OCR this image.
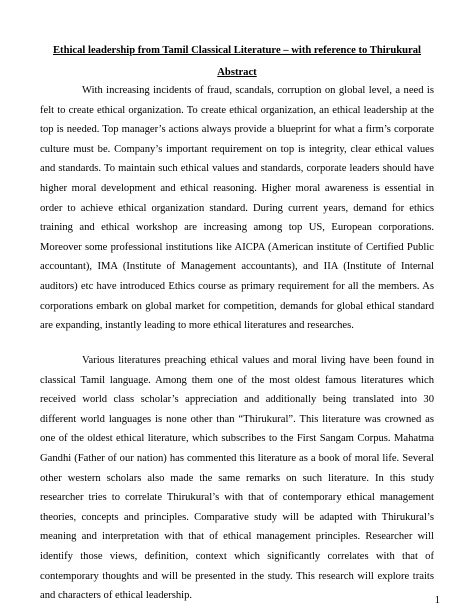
Ethical leadership from Tamil Classical Literature – with reference to Thirukural
Abstract

With increasing incidents of fraud, scandals, corruption on global level, a need is felt to create ethical organization. To create ethical organization, an ethical leadership at the top is needed. Top manager’s actions always provide a blueprint for what a firm’s corporate culture must be. Company’s important requirement on top is integrity, clear ethical values and standards. To maintain such ethical values and standards, corporate leaders should have higher moral development and ethical reasoning. Higher moral awareness is essential in order to achieve ethical organization standard. During current years, demand for ethics training and ethical workshop are increasing among top US, European corporations. Moreover some professional institutions like AICPA (American institute of Certified Public accountant), IMA (Institute of Management accountants), and IIA (Institute of Internal auditors) etc have introduced Ethics course as primary requirement for all the members. As corporations embark on global market for competition, demands for global ethical standard are expanding, instantly leading to more ethical literatures and researches.

Various literatures preaching ethical values and moral living have been found in classical Tamil language. Among them one of the most oldest famous literatures which received world class scholar’s appreciation and additionally being translated into 30 different world languages is none other than “Thirukural”. This literature was crowned as one of the oldest ethical literature, which subscribes to the First Sangam Corpus. Mahatma Gandhi (Father of our nation) has commented this literature as a book of moral life. Several other western scholars also made the same remarks on such literature. In this study researcher tries to correlate Thirukural’s with that of contemporary ethical management theories, concepts and principles. Comparative study will be adapted with Thirukural’s meaning and interpretation with that of ethical management principles. Researcher will identify those views, definition, context which significantly correlates with that of contemporary thoughts and will be presented in the study. This research will explore traits and characters of ethical leadership.	1
